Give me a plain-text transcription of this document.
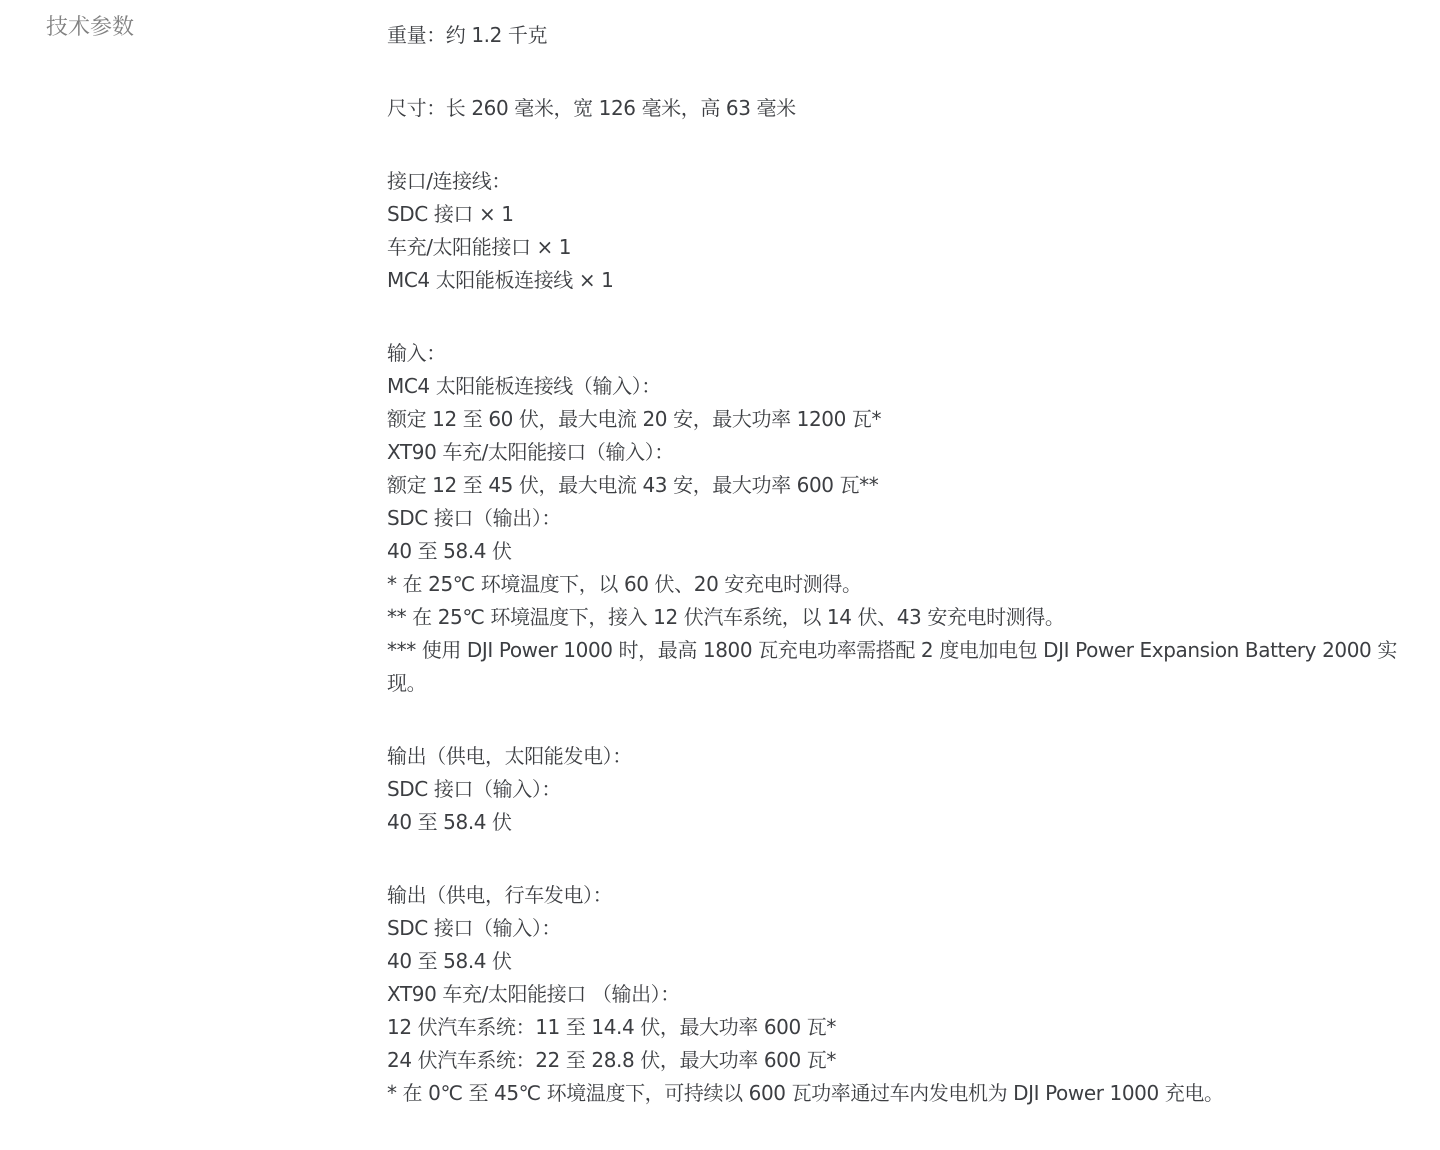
技术参数	重量：约 1.2 千克
尺寸：长 260 毫米，宽 126 毫米，高 63 毫米
接口/连接线：
SDC 接口 × 1
车充/太阳能接口 × 1
MC4 太阳能板连接线 × 1
输入：
MC4 太阳能板连接线（输入）：
额定 12 至 60 伏，最大电流 20 安，最大功率 1200 瓦*
XT90 车充/太阳能接口（输入）：
额定 12 至 45 伏，最大电流 43 安，最大功率 600 瓦**
SDC 接口（输出）：
40 至 58.4 伏
* 在 25℃ 环境温度下，以 60 伏、20 安充电时测得。
** 在 25℃ 环境温度下，接入 12 伏汽车系统，以 14 伏、43 安充电时测得。
*** 使用 DJI Power 1000 时，最高 1800 瓦充电功率需搭配 2 度电加电包 DJI Power Expansion Battery 2000 实现。
输出（供电，太阳能发电）：
SDC 接口（输入）：
40 至 58.4 伏
输出（供电，行车发电）：
SDC 接口（输入）：
40 至 58.4 伏
XT90 车充/太阳能接口 （输出）：
12 伏汽车系统：11 至 14.4 伏，最大功率 600 瓦*
24 伏汽车系统：22 至 28.8 伏，最大功率 600 瓦*
* 在 0℃ 至 45℃ 环境温度下，可持续以 600 瓦功率通过车内发电机为 DJI Power 1000 充电。
